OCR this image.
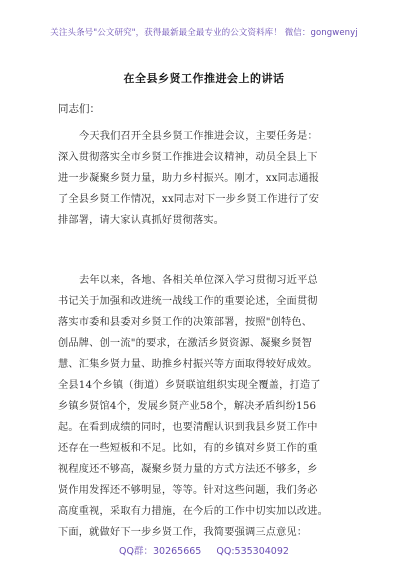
关注头条号"公文研究"，获得最新最全最专业的公文资料库！ 微信：gongwenyj
在全县乡贤工作推进会上的讲话
同志们：
今天我们召开全县乡贤工作推进会议，主要任务是：
深入贯彻落实全市乡贤工作推进会议精神，动员全县上下
进一步凝聚乡贤力量，助力乡村振兴。刚才，xx同志通报
了全县乡贤工作情况，xx同志对下一步乡贤工作进行了安
排部署，请大家认真抓好贯彻落实。
去年以来，各地、各相关单位深入学习贯彻习近平总
书记关于加强和改进统一战线工作的重要论述，全面贯彻
落实市委和县委对乡贤工作的决策部署，按照"创特色、
创品牌、创一流"的要求，在激活乡贤资源、凝聚乡贤智
慧、汇集乡贤力量、助推乡村振兴等方面取得较好成效。
全县14个乡镇（街道）乡贤联谊组织实现全覆盖，打造了
乡镇乡贤馆4个，发展乡贤产业58个，解决矛盾纠纷156
起。在看到成绩的同时，也要清醒认识到我县乡贤工作中
还存在一些短板和不足。比如，有的乡镇对乡贤工作的重
视程度还不够高，凝聚乡贤力量的方式方法还不够多，乡
贤作用发挥还不够明显，等等。针对这些问题，我们务必
高度重视，采取有力措施，在今后的工作中切实加以改进。
下面，就做好下一步乡贤工作，我简要强调三点意见：
QQ群：30265665 QQ:535304092
